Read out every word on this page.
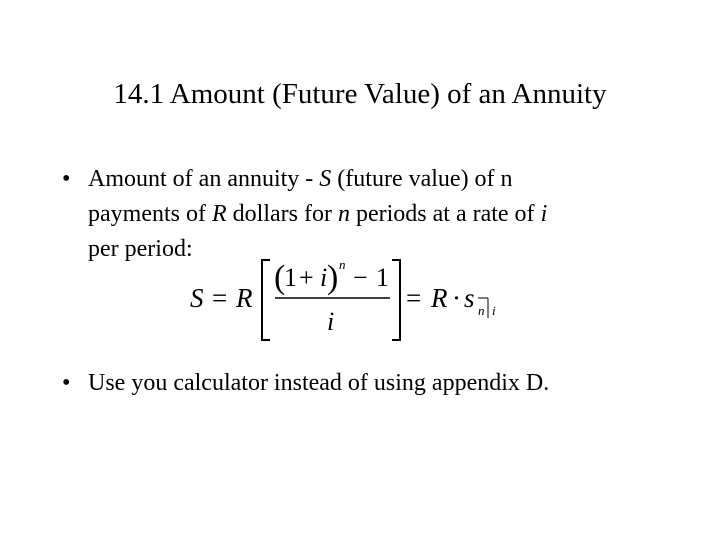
14.1 Amount (Future Value) of an Annuity
• Amount of an annuity - S (future value) of n
payments of R dollars for n periods at a rate of i
per period:
S = R
(
1 + i ) n − 1
i
= R · s n i
• Use you calculator instead of using appendix D.
